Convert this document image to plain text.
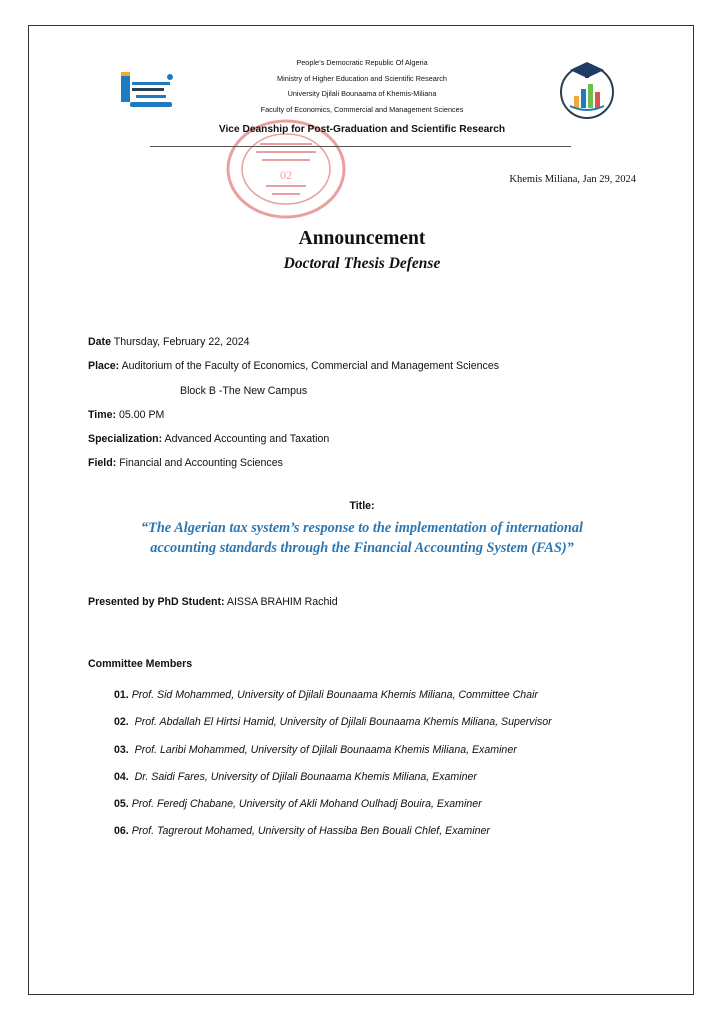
02
People’s Democratic Republic Of Algeria
Ministry of Higher Education and Scientific Research
University Djilali Bounaama of Khemis-Miliana
Faculty of Economics, Commercial and Management Sciences
Vice Deanship for Post-Graduation and Scientific Research
Khemis Miliana, Jan 29, 2024
Announcement
Doctoral Thesis Defense
Date Thursday, February 22, 2024
Place: Auditorium of the Faculty of Economics, Commercial and Management Sciences
Block B -The New Campus
Time: 05.00 PM
Specialization: Advanced Accounting and Taxation
Field: Financial and Accounting Sciences
Title:
“The Algerian tax system’s response to the implementation of international
accounting standards through the Financial Accounting System (FAS)”
Presented by PhD Student: AISSA BRAHIM Rachid
Committee Members
01. Prof. Sid Mohammed, University of Djilali Bounaama Khemis Miliana, Committee Chair
02. Prof. Abdallah El Hirtsi Hamid, University of Djilali Bounaama Khemis Miliana, Supervisor
03. Prof. Laribi Mohammed, University of Djilali Bounaama Khemis Miliana, Examiner
04. Dr. Saidi Fares, University of Djilali Bounaama Khemis Miliana, Examiner
05. Prof. Feredj Chabane, University of Akli Mohand Oulhadj Bouira, Examiner
06. Prof. Tagrerout Mohamed, University of Hassiba Ben Bouali Chlef, Examiner
